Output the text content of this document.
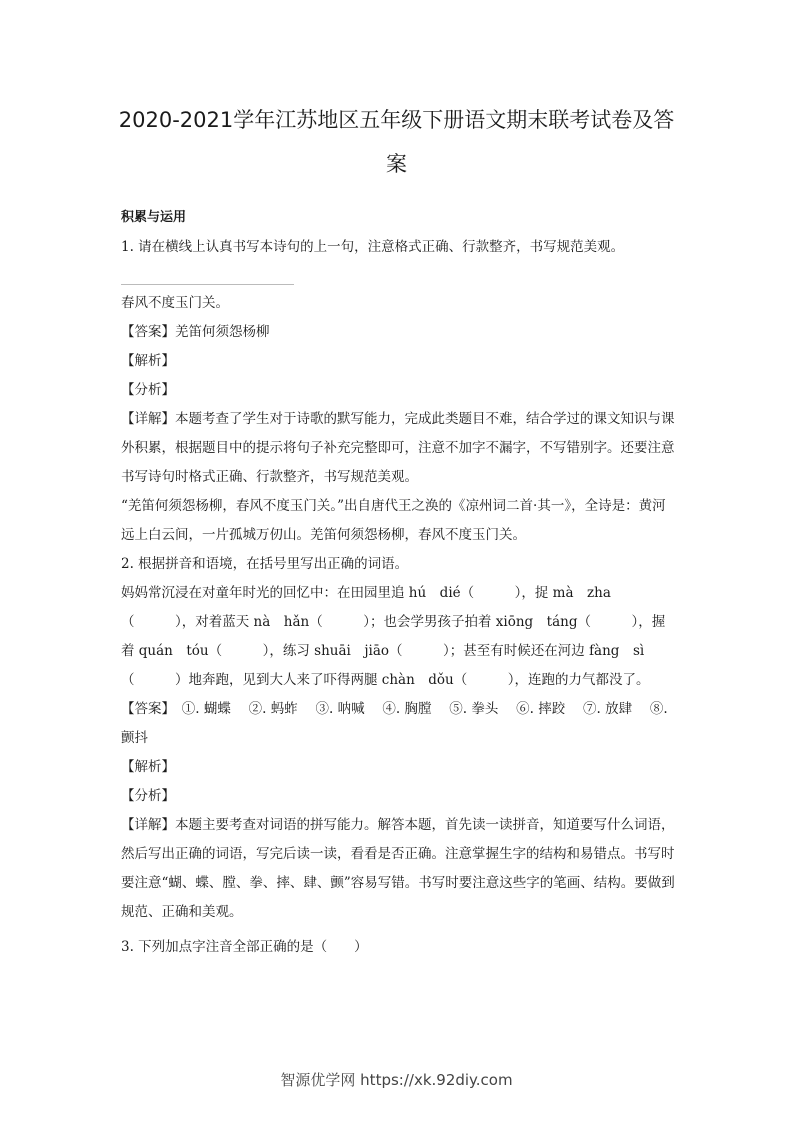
2020-2021学年江苏地区五年级下册语文期末联考试卷及答
案
积累与运用

1. 请在横线上认真书写本诗句的上一句，注意格式正确、行款整齐，书写规范美观。

春风不度玉门关。

【答案】羌笛何须怨杨柳

【解析】

【分析】

【详解】本题考查了学生对于诗歌的默写能力，完成此类题目不难，结合学过的课文知识与课外积累，根据题目中的提示将句子补充完整即可，注意不加字不漏字，不写错别字。还要注意书写诗句时格式正确、行款整齐，书写规范美观。

“羌笛何须怨杨柳，春风不度玉门关。”出自唐代王之涣的《凉州词二首·其一》，全诗是：黄河远上白云间，一片孤城万仞山。羌笛何须怨杨柳，春风不度玉门关。

2. 根据拼音和语境，在括号里写出正确的词语。

妈妈常沉浸在对童年时光的回忆中：在田园里追 hú　dié（　　　），捉 mà　zha（　　　），对着蓝天 nà　hǎn（　　　）；也会学男孩子拍着 xiōng　táng（　　　），握着 quán　tóu（　　　），练习 shuāi　jiāo（　　　）；甚至有时候还在河边 fàng　sì（　　　）地奔跑，见到大人来了吓得两腿 chàn　dǒu（　　　），连跑的力气都没了。

【答案】　①. 蝴蝶　 ②. 蚂蚱　 ③. 呐喊　 ④. 胸膛　 ⑤. 拳头　 ⑥. 摔跤　 ⑦. 放肆　 ⑧. 颤抖

【解析】

【分析】

【详解】本题主要考查对词语的拼写能力。解答本题，首先读一读拼音，知道要写什么词语，然后写出正确的词语，写完后读一读，看看是否正确。注意掌握生字的结构和易错点。书写时要注意“蝴、蝶、膛、拳、摔、肆、颤”容易写错。书写时要注意这些字的笔画、结构。要做到规范、正确和美观。

3. 下列加点字注音全部正确的是（　　）

智源优学网 https://xk.92diy.com
